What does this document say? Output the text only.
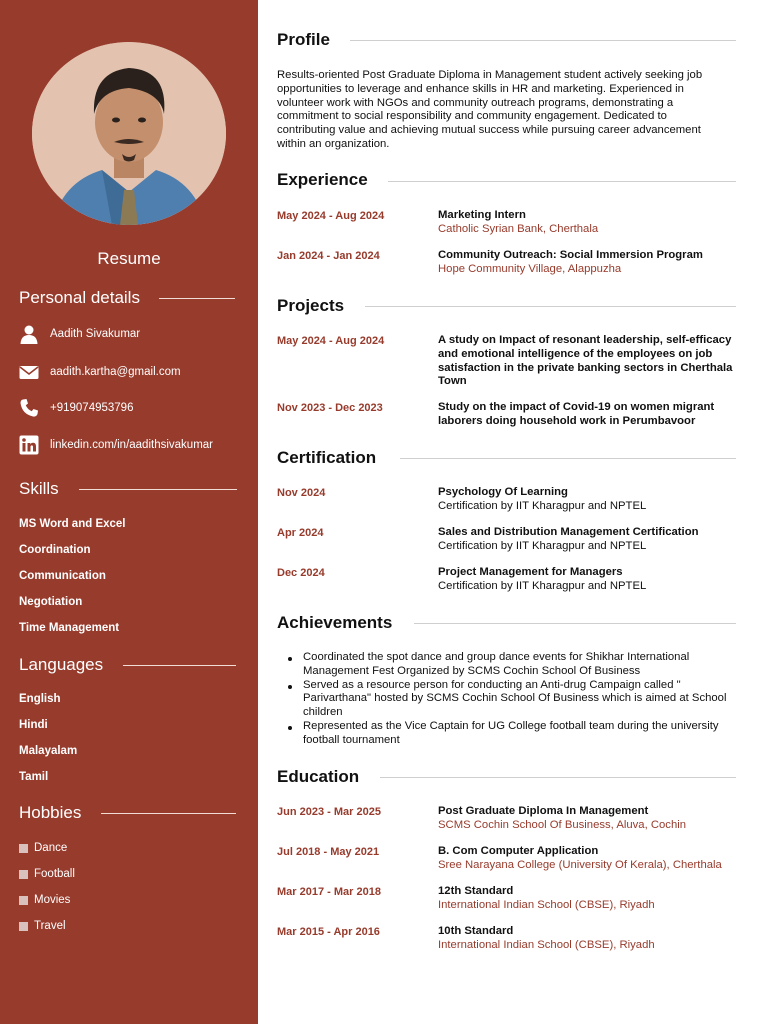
Resume
Personal details
Aadith Sivakumar
aadith.kartha@gmail.com
+919074953796
linkedin.com/in/aadithsivakumar
Skills
MS Word and Excel
Coordination
Communication
Negotiation
Time Management
Languages
English
Hindi
Malayalam
Tamil
Hobbies
Dance
Football
Movies
Travel
Profile
Results-oriented Post Graduate Diploma in Management student actively seeking job opportunities to leverage and enhance skills in HR and marketing. Experienced in volunteer work with NGOs and community outreach programs, demonstrating a commitment to social responsibility and community engagement. Dedicated to contributing value and achieving mutual success while pursuing career advancement within an organization.
Experience
May 2024 - Aug 2024	Marketing Intern
Catholic Syrian Bank, Cherthala
Jan 2024 - Jan 2024	Community Outreach: Social Immersion Program
Hope Community Village, Alappuzha
Projects
May 2024 - Aug 2024	A study on Impact of resonant leadership, self-efficacy and emotional intelligence of the employees on job satisfaction in the private banking sectors in Cherthala Town
Nov 2023 - Dec 2023	Study on the impact of Covid-19 on women migrant laborers doing household work in Perumbavoor
Certification
Nov 2024	Psychology Of Learning
Certification by IIT Kharagpur and NPTEL
Apr 2024	Sales and Distribution Management Certification
Certification by IIT Kharagpur and NPTEL
Dec 2024	Project Management for Managers
Certification by IIT Kharagpur and NPTEL
Achievements
Coordinated the spot dance and group dance events for Shikhar International Management Fest Organized by SCMS Cochin School Of Business
Served as a resource person for conducting an Anti-drug Campaign called " Parivarthana" hosted by SCMS Cochin School Of Business which is aimed at School children
Represented as the Vice Captain for UG College football team during the university football tournament
Education
Jun 2023 - Mar 2025	Post Graduate Diploma In Management
SCMS Cochin School Of Business, Aluva, Cochin
Jul 2018 - May 2021	B. Com Computer Application
Sree Narayana College (University Of Kerala), Cherthala
Mar 2017 - Mar 2018	12th Standard
International Indian School (CBSE), Riyadh
Mar 2015 - Apr 2016	10th Standard
International Indian School (CBSE), Riyadh
